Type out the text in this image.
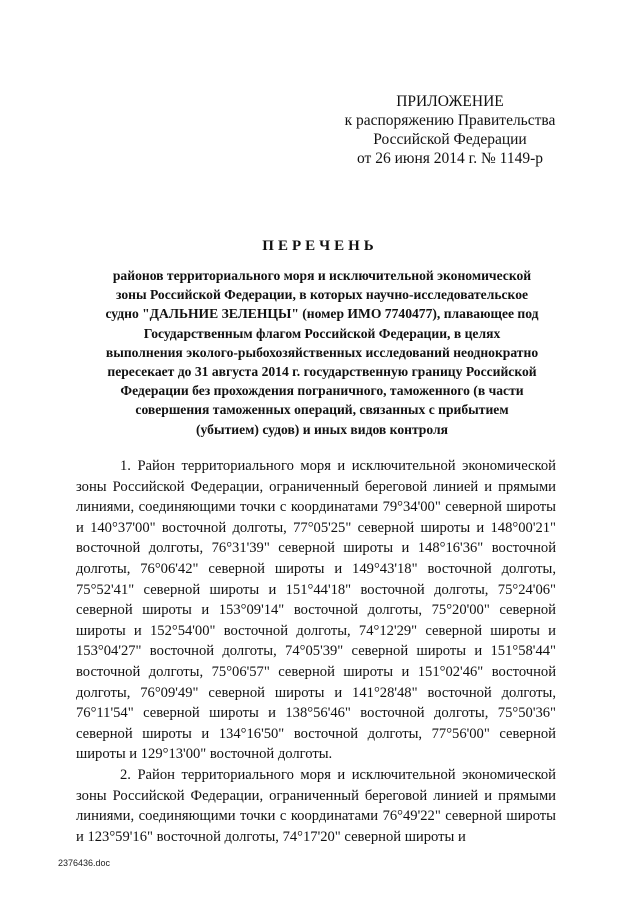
ПРИЛОЖЕНИЕ
к распоряжению Правительства
Российской Федерации
от 26 июня 2014 г. № 1149-р
ПЕРЕЧЕНЬ
районов территориального моря и исключительной экономической
зоны Российской Федерации, в которых научно-исследовательское
судно "ДАЛЬНИЕ ЗЕЛЕНЦЫ" (номер ИМО 7740477), плавающее под
Государственным флагом Российской Федерации, в целях
выполнения эколого-рыбохозяйственных исследований неоднократно
пересекает до 31 августа 2014 г. государственную границу Российской
Федерации без прохождения пограничного, таможенного (в части
совершения таможенных операций, связанных с прибытием
(убытием) судов) и иных видов контроля

1. Район территориального моря и исключительной экономической зоны Российской Федерации, ограниченный береговой линией и прямыми линиями, соединяющими точки с координатами 79°34'00" северной широты и 140°37'00" восточной долготы, 77°05'25" северной широты и 148°00'21" восточной долготы, 76°31'39" северной широты и 148°16'36" восточной долготы, 76°06'42" северной широты и 149°43'18" восточной долготы, 75°52'41" северной широты и 151°44'18" восточной долготы, 75°24'06" северной широты и 153°09'14" восточной долготы, 75°20'00" северной широты и 152°54'00" восточной долготы, 74°12'29" северной широты и 153°04'27" восточной долготы, 74°05'39" северной широты и 151°58'44" восточной долготы, 75°06'57" северной широты и 151°02'46" восточной долготы, 76°09'49" северной широты и 141°28'48" восточной долготы, 76°11'54" северной широты и 138°56'46" восточной долготы, 75°50'36" северной широты и 134°16'50" восточной долготы, 77°56'00" северной широты и 129°13'00" восточной долготы.

2. Район территориального моря и исключительной экономической зоны Российской Федерации, ограниченный береговой линией и прямыми линиями, соединяющими точки с координатами 76°49'22" северной широты и 123°59'16" восточной долготы, 74°17'20" северной широты и

2376436.doc
